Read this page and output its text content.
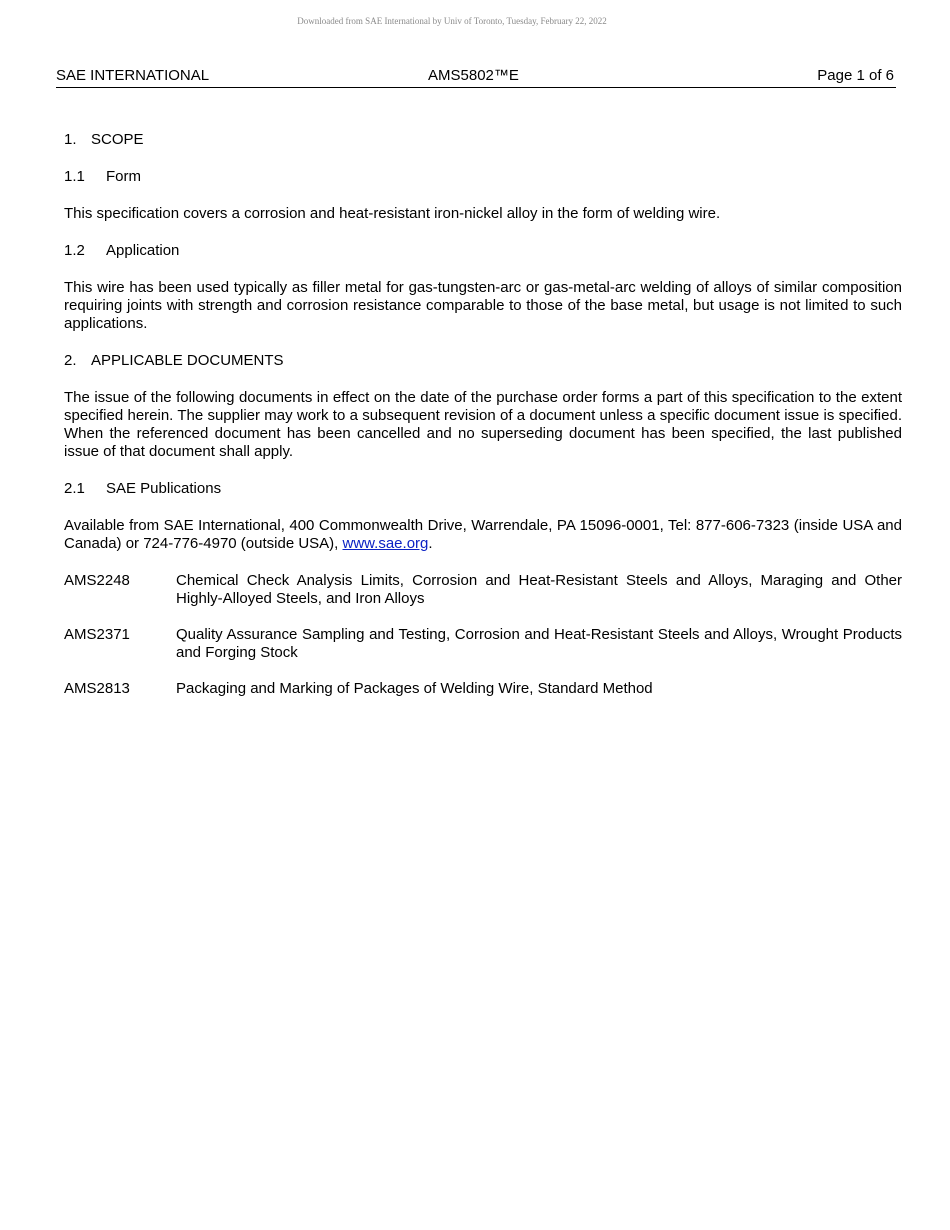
Downloaded from SAE International by Univ of Toronto, Tuesday, February 22, 2022
SAE INTERNATIONAL	AMS5802™E	Page 1 of 6

1. SCOPE

1.1 Form

This specification covers a corrosion and heat-resistant iron-nickel alloy in the form of welding wire.

1.2 Application

This wire has been used typically as filler metal for gas-tungsten-arc or gas-metal-arc welding of alloys of similar composition requiring joints with strength and corrosion resistance comparable to those of the base metal, but usage is not limited to such applications.

2. APPLICABLE DOCUMENTS

The issue of the following documents in effect on the date of the purchase order forms a part of this specification to the extent specified herein. The supplier may work to a subsequent revision of a document unless a specific document issue is specified. When the referenced document has been cancelled and no superseding document has been specified, the last published issue of that document shall apply.

2.1 SAE Publications

Available from SAE International, 400 Commonwealth Drive, Warrendale, PA 15096-0001, Tel: 877-606-7323 (inside USA and Canada) or 724-776-4970 (outside USA), www.sae.org.

AMS2248	Chemical Check Analysis Limits, Corrosion and Heat-Resistant Steels and Alloys, Maraging and Other Highly-Alloyed Steels, and Iron Alloys
AMS2371	Quality Assurance Sampling and Testing, Corrosion and Heat-Resistant Steels and Alloys, Wrought Products and Forging Stock
AMS2813	Packaging and Marking of Packages of Welding Wire, Standard Method
